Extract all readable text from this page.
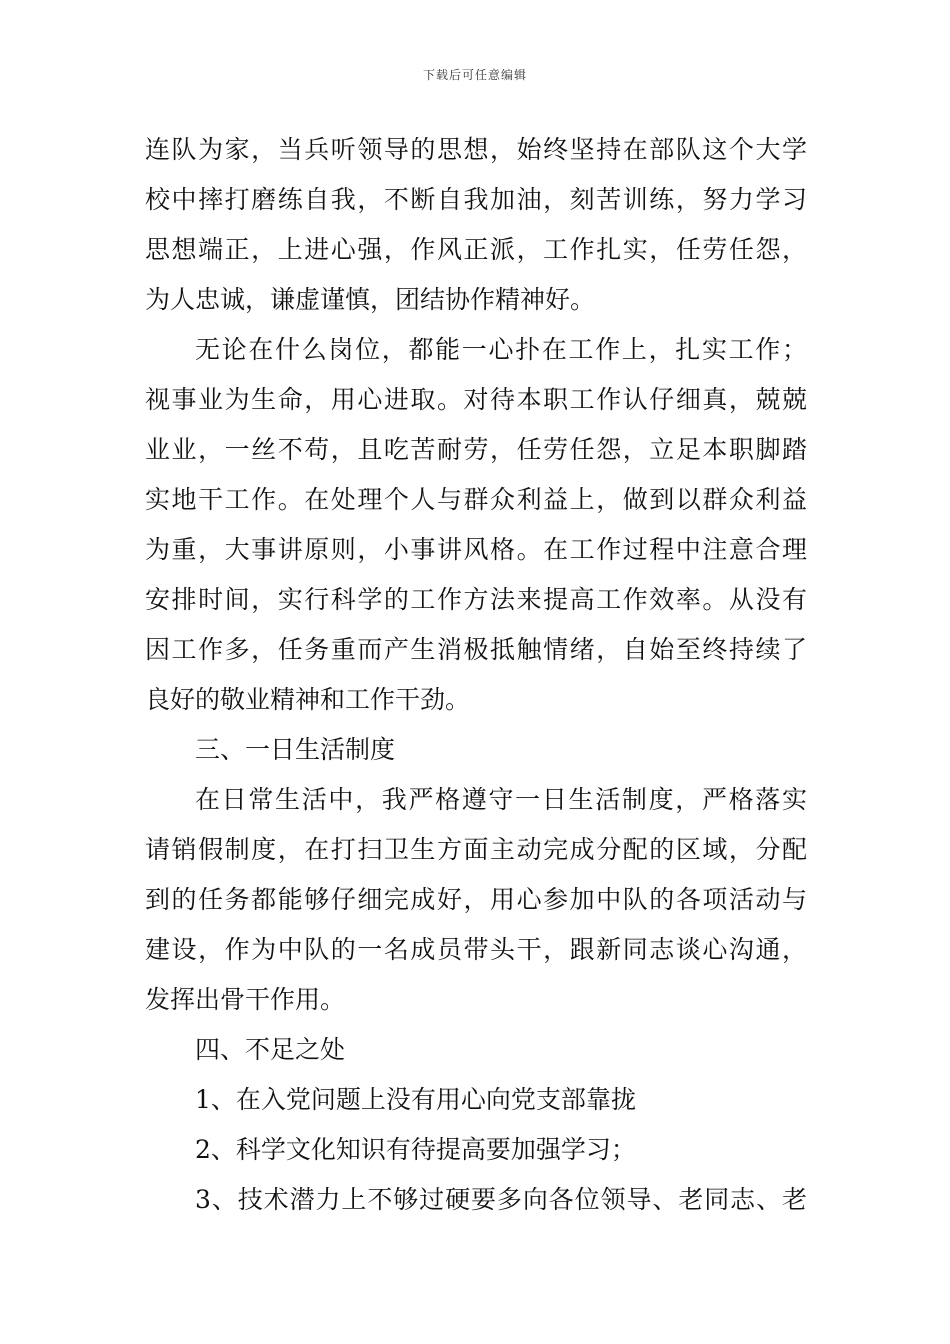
下载后可任意编辑
连队为家，当兵听领导的思想，始终坚持在部队这个大学
校中摔打磨练自我，不断自我加油，刻苦训练，努力学习
思想端正，上进心强，作风正派，工作扎实，任劳任怨，
为人忠诚，谦虚谨慎，团结协作精神好。
无论在什么岗位，都能一心扑在工作上，扎实工作；
视事业为生命，用心进取。对待本职工作认仔细真，兢兢
业业，一丝不苟，且吃苦耐劳，任劳任怨，立足本职脚踏
实地干工作。在处理个人与群众利益上，做到以群众利益
为重，大事讲原则，小事讲风格。在工作过程中注意合理
安排时间，实行科学的工作方法来提高工作效率。从没有
因工作多，任务重而产生消极抵触情绪，自始至终持续了
良好的敬业精神和工作干劲。
三、一日生活制度
在日常生活中，我严格遵守一日生活制度，严格落实
请销假制度，在打扫卫生方面主动完成分配的区域，分配
到的任务都能够仔细完成好，用心参加中队的各项活动与
建设，作为中队的一名成员带头干，跟新同志谈心沟通，
发挥出骨干作用。
四、不足之处
1、在入党问题上没有用心向党支部靠拢
2、科学文化知识有待提高要加强学习；
3、技术潜力上不够过硬要多向各位领导、老同志、老
